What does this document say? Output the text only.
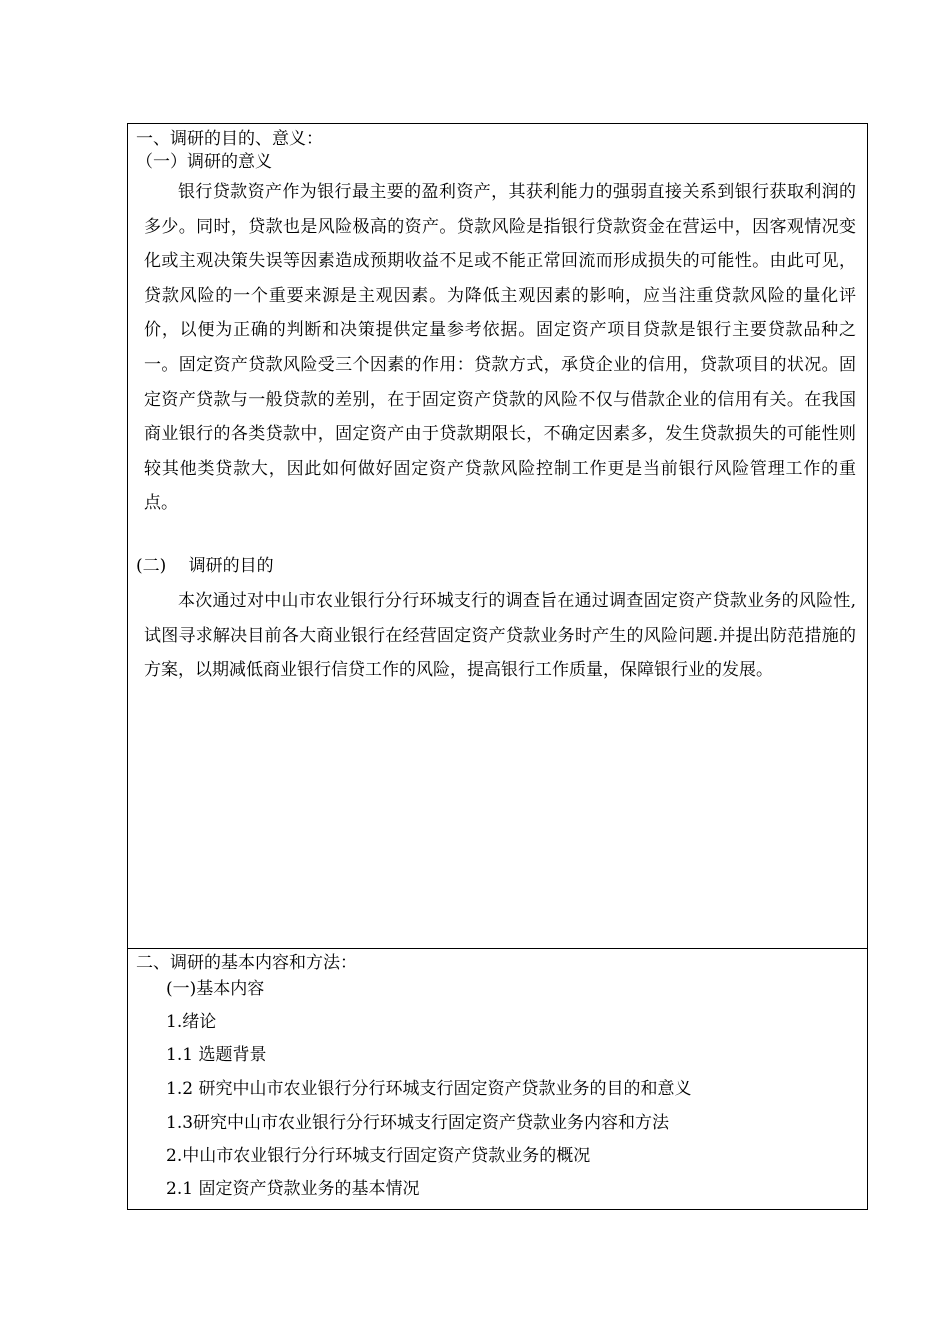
一、调研的目的、意义：
（一）调研的意义

银行贷款资产作为银行最主要的盈利资产，其获利能力的强弱直接关系到银行获取利润的多少。同时，贷款也是风险极高的资产。贷款风险是指银行贷款资金在营运中，因客观情况变化或主观决策失误等因素造成预期收益不足或不能正常回流而形成损失的可能性。由此可见，贷款风险的一个重要来源是主观因素。为降低主观因素的影响，应当注重贷款风险的量化评价，以便为正确的判断和决策提供定量参考依据。固定资产项目贷款是银行主要贷款品种之一。固定资产贷款风险受三个因素的作用：贷款方式，承贷企业的信用，贷款项目的状况。固定资产贷款与一般贷款的差别，在于固定资产贷款的风险不仅与借款企业的信用有关。在我国商业银行的各类贷款中，固定资产由于贷款期限长，不确定因素多，发生贷款损失的可能性则较其他类贷款大，因此如何做好固定资产贷款风险控制工作更是当前银行风险管理工作的重点。

(二)　 调研的目的

本次通过对中山市农业银行分行环城支行的调查旨在通过调查固定资产贷款业务的风险性,试图寻求解决目前各大商业银行在经营固定资产贷款业务时产生的风险问题.并提出防范措施的方案，以期减低商业银行信贷工作的风险，提高银行工作质量，保障银行业的发展。

二、调研的基本内容和方法：
(一)基本内容
1.绪论
1.1 选题背景
1.2 研究中山市农业银行分行环城支行固定资产贷款业务的目的和意义
1.3研究中山市农业银行分行环城支行固定资产贷款业务内容和方法
2.中山市农业银行分行环城支行固定资产贷款业务的概况
2.1 固定资产贷款业务的基本情况
